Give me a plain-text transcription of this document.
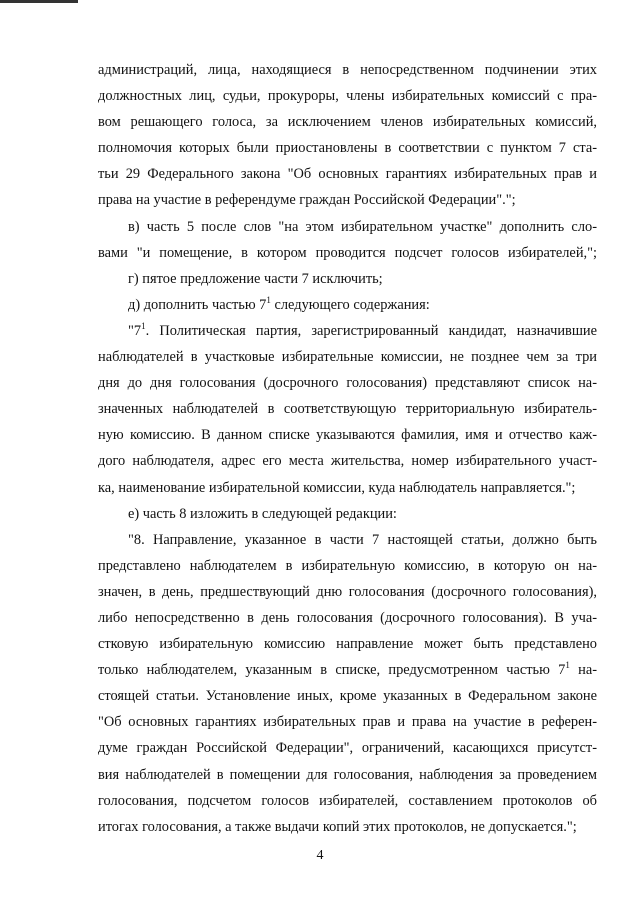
администраций, лица, находящиеся в непосредственном подчинении этих
должностных лиц, судьи, прокуроры, члены избирательных комиссий с пра-
вом решающего голоса, за исключением членов избирательных комиссий,
полномочия которых были приостановлены в соответствии с пунктом 7 ста-
тьи 29 Федерального закона "Об основных гарантиях избирательных прав и
права на участие в референдуме граждан Российской Федерации".";
в) часть 5 после слов "на этом избирательном участке" дополнить сло-
вами "и помещение, в котором проводится подсчет голосов избирателей,";
г) пятое предложение части 7 исключить;
д) дополнить частью $7^1$ следующего содержания:
"$7^1$. Политическая партия, зарегистрированный кандидат, назначившие
наблюдателей в участковые избирательные комиссии, не позднее чем за три
дня до дня голосования (досрочного голосования) представляют список на-
значенных наблюдателей в соответствующую территориальную избиратель-
ную комиссию. В данном списке указываются фамилия, имя и отчество каж-
дого наблюдателя, адрес его места жительства, номер избирательного участ-
ка, наименование избирательной комиссии, куда наблюдатель направляется.";
е) часть 8 изложить в следующей редакции:
"8. Направление, указанное в части 7 настоящей статьи, должно быть
представлено наблюдателем в избирательную комиссию, в которую он на-
значен, в день, предшествующий дню голосования (досрочного голосования),
либо непосредственно в день голосования (досрочного голосования). В уча-
стковую избирательную комиссию направление может быть представлено
только наблюдателем, указанным в списке, предусмотренном частью $7^1$ на-
стоящей статьи. Установление иных, кроме указанных в Федеральном законе
"Об основных гарантиях избирательных прав и права на участие в референ-
думе граждан Российской Федерации", ограничений, касающихся присутст-
вия наблюдателей в помещении для голосования, наблюдения за проведением
голосования, подсчетом голосов избирателей, составлением протоколов об
итогах голосования, а также выдачи копий этих протоколов, не допускается.";
4
